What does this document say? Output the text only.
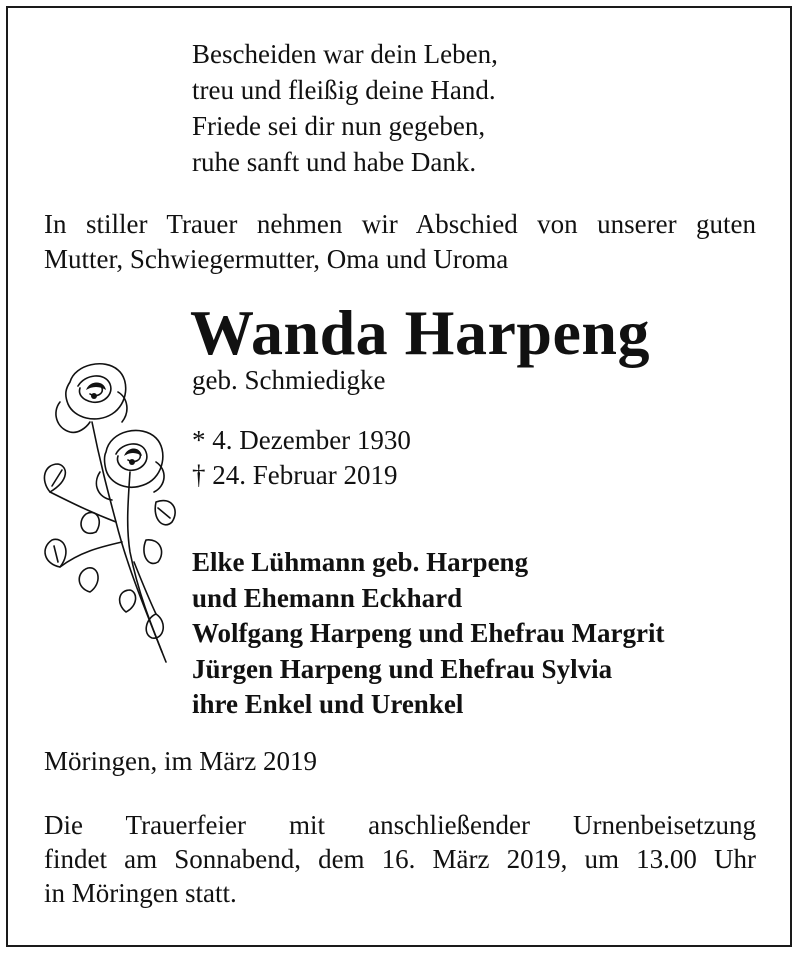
Bescheiden war dein Leben,
treu und fleißig deine Hand.
Friede sei dir nun gegeben,
ruhe sanft und habe Dank.
In stiller Trauer nehmen wir Abschied von unserer guten
Mutter, Schwiegermutter, Oma und Uroma
Wanda Harpeng
geb. Schmiedigke
* 4. Dezember 1930
† 24. Februar 2019
Elke Lühmann geb. Harpeng
und Ehemann Eckhard
Wolfgang Harpeng und Ehefrau Margrit
Jürgen Harpeng und Ehefrau Sylvia
ihre Enkel und Urenkel
Möringen, im März 2019
Die Trauerfeier mit anschließender Urnenbeisetzung
findet am Sonnabend, dem 16. März 2019, um 13.00 Uhr
in Möringen statt.
